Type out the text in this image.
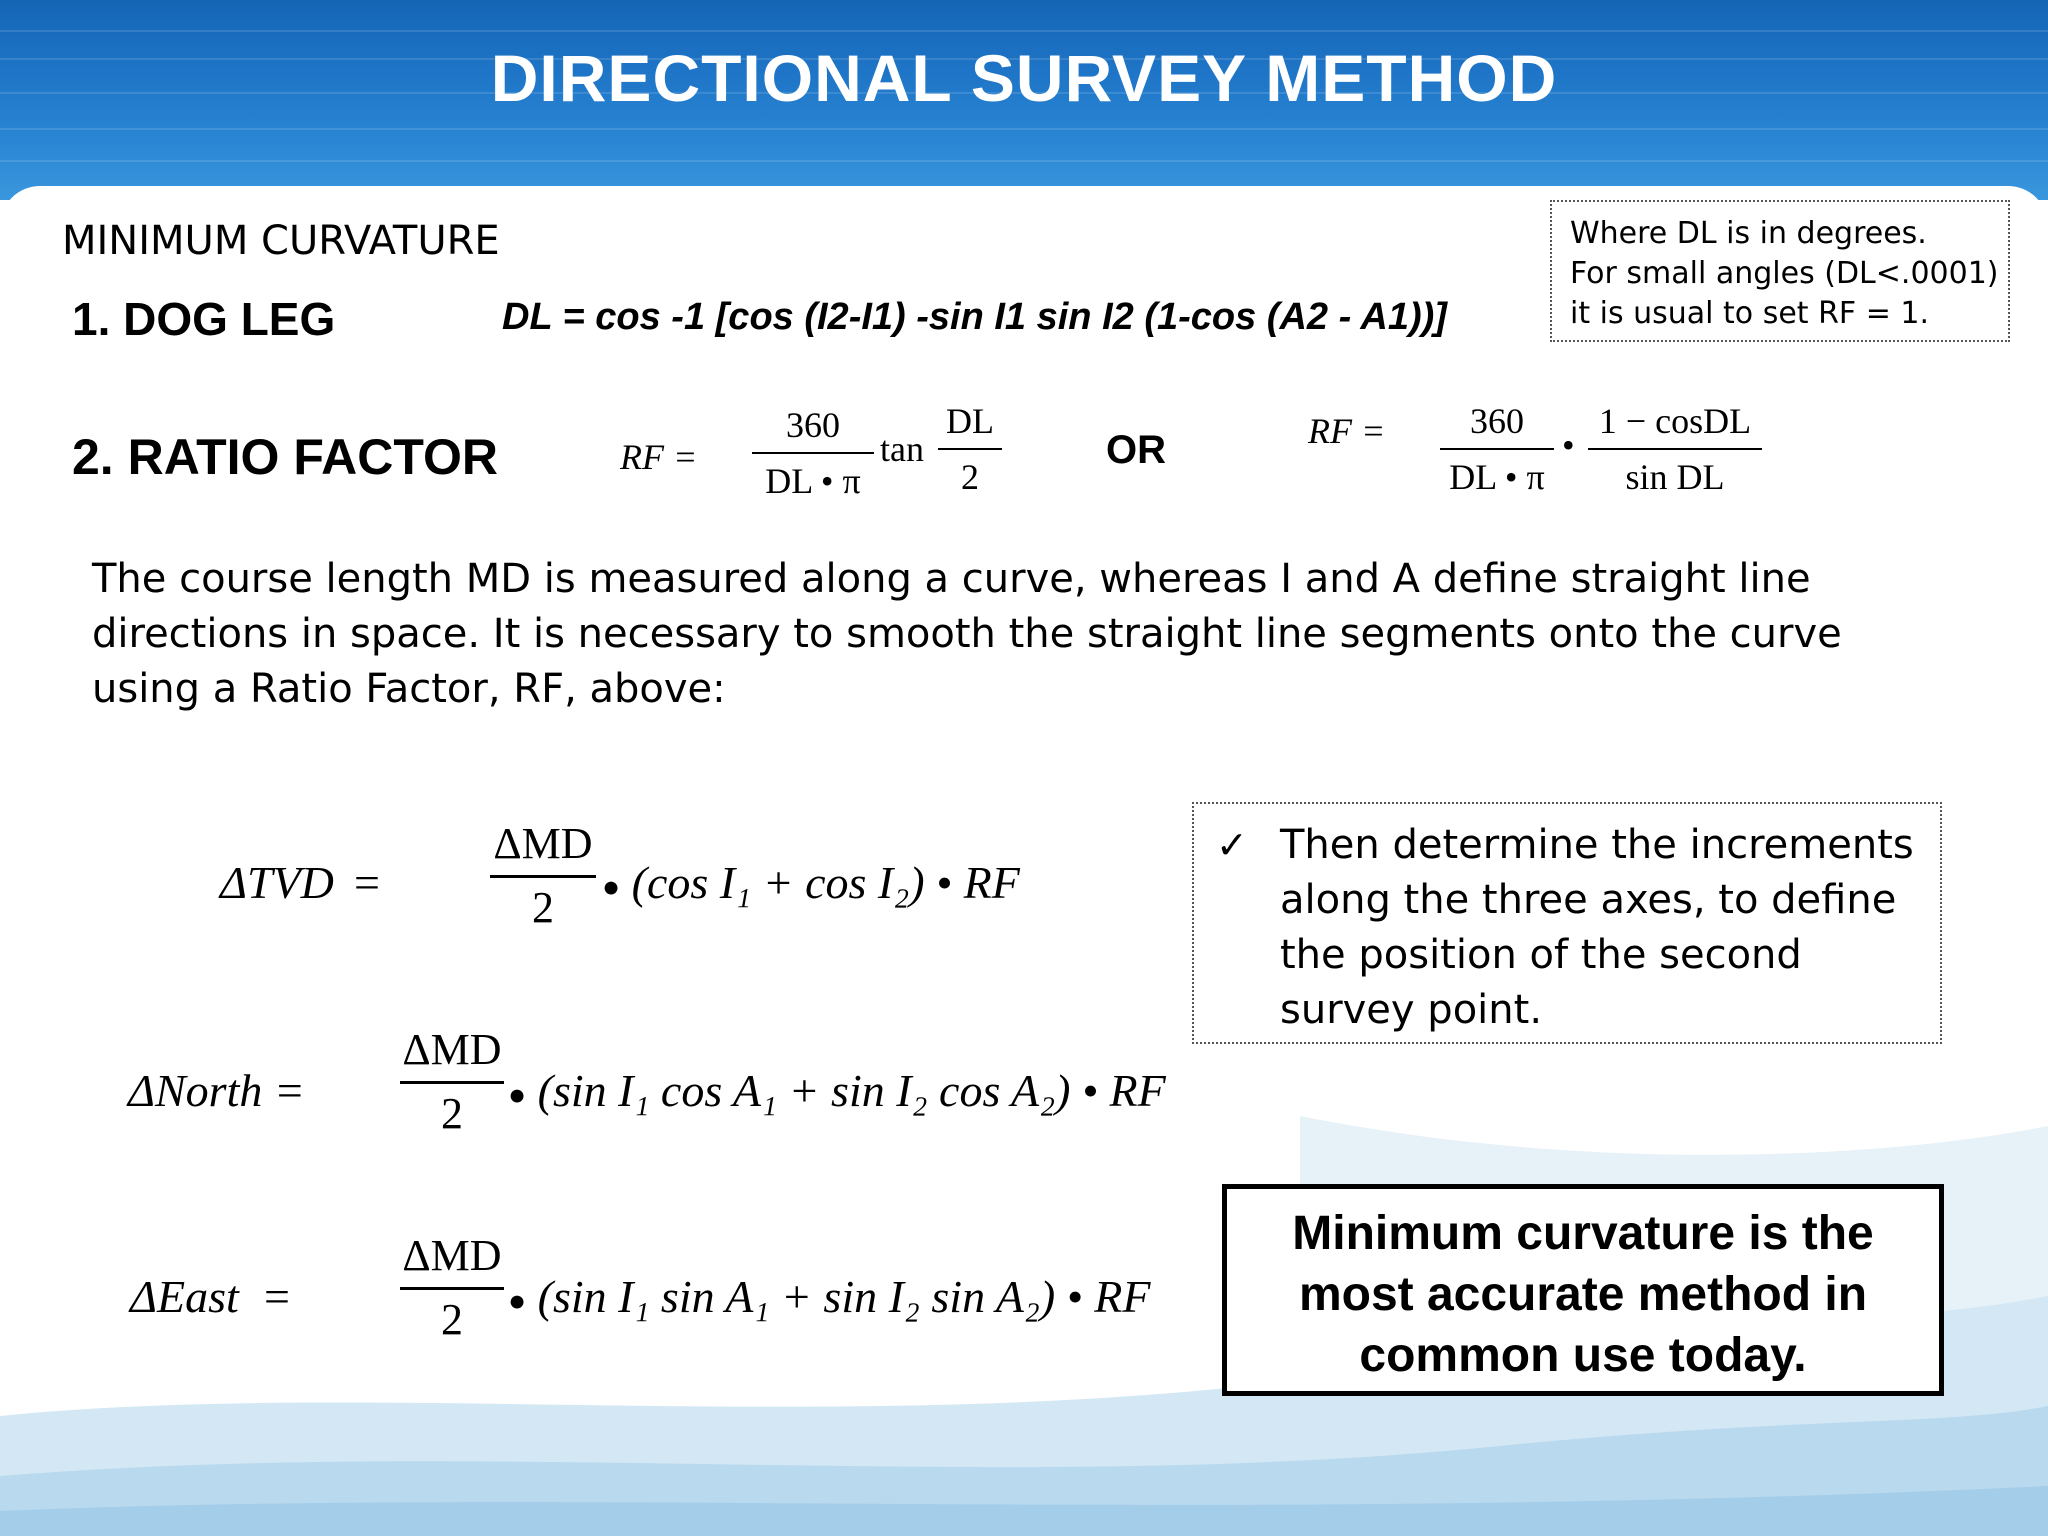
DIRECTIONAL SURVEY METHOD
MINIMUM CURVATURE
1. DOG LEG	DL = cos -1 [cos (I2-I1) -sin I1 sin I2 (1-cos (A2 - A1))]
Where DL is in degrees.
For small angles (DL<.0001)
it is usual to set RF = 1.
2. RATIO FACTOR	RF =
360
DL • π
tan
DL
2
OR	RF =	360
DL • π
•
1 − cosDL
sin DL
The course length MD is measured along a curve, whereas I and A define straight line directions in space. It is necessary to smooth the straight line segments onto the curve using a Ratio Factor, RF, above:
ΔTVD =
ΔMD
2	● (cos I₁ + cos I₂) • RF
ΔNorth =
ΔMD
2	● (sin I₁ cos A₁ + sin I₂ cos A₂) • RF
ΔEast =
ΔMD
2	● (sin I₁ sin A₁ + sin I₂ sin A₂) • RF
✓ Then determine the increments along the three axes, to define the position of the second survey point.
Minimum curvature is the
most accurate method in
common use today.
